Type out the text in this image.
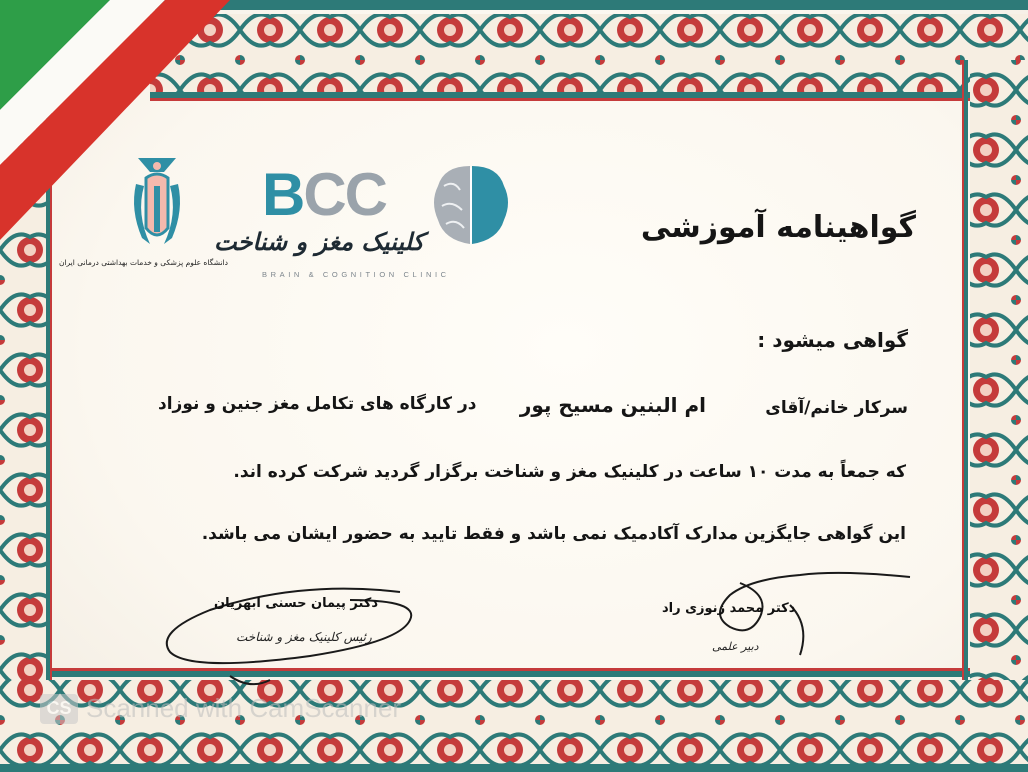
دانشگاه علوم پزشکی و خدمات بهداشتی درمانی ایران
BCC
کلینیک مغز و شناخت
BRAIN & COGNITION CLINIC
گواهینامه آموزشی
گواهی میشود :
سرکار خانم/آقای
ام البنین مسیح پور
در کارگاه های تکامل مغز جنین و نوزاد
که جمعاً به مدت ۱۰ ساعت در کلینیک مغز و شناخت برگزار گردید شرکت کرده اند.
این گواهی جایگزین مدارک آکادمیک نمی باشد و فقط تایید به حضور ایشان می باشد.
دکتر پیمان حسنی ابهریان
رئیس کلینیک مغز و شناخت
دکتر محمد زنوزی راد
دبیر علمی
CS Scanned with CamScanner
